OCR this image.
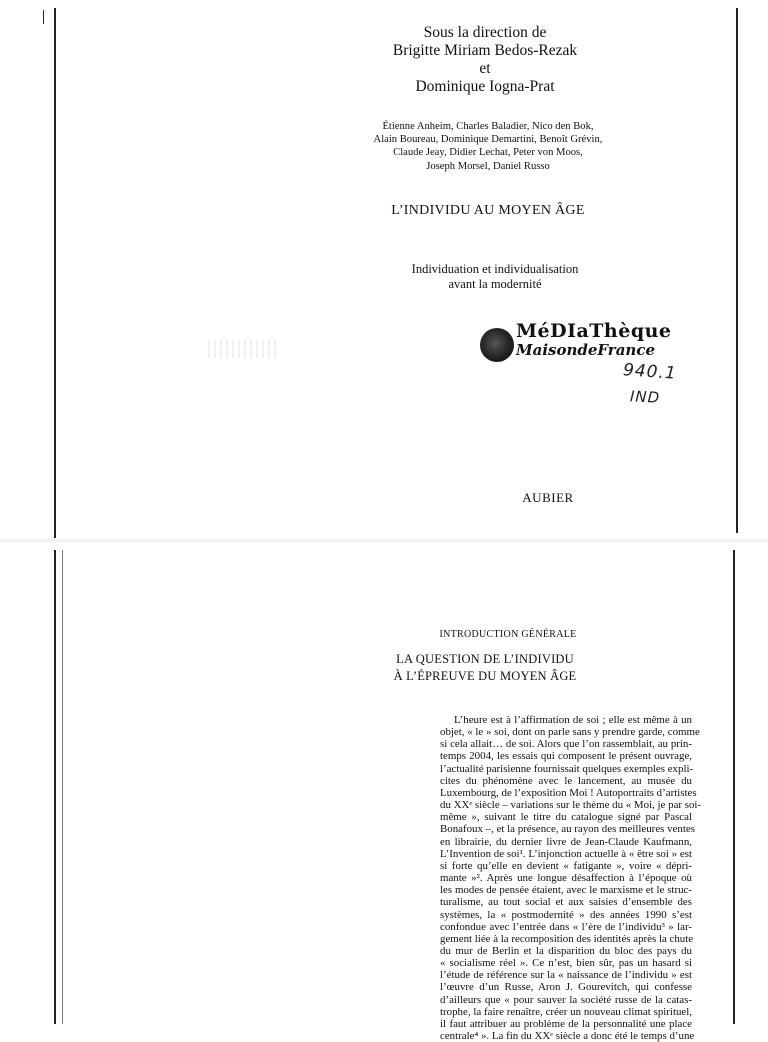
Sous la direction de
Brigitte Miriam Bedos-Rezak
et
Dominique Iogna-Prat
Étienne Anheim, Charles Baladier, Nico den Bok,
Alain Boureau, Dominique Demartini, Benoît Grévin,
Claude Jeay, Didier Lechat, Peter von Moos,
Joseph Morsel, Daniel Russo
L’INDIVIDU AU MOYEN ÂGE
Individuation et individualisation
avant la modernité
MéDIaThèque
MaisondeFrance
940.1
IND
AUBIER
INTRODUCTION GÉNÉRALE
LA QUESTION DE L’INDIVIDU
À L’ÉPREUVE DU MOYEN ÂGE
L’heure est à l’affirmation de soi ; elle est même à un
objet, « le » soi, dont on parle sans y prendre garde, comme
si cela allait… de soi. Alors que l’on rassemblait, au prin-
temps 2004, les essais qui composent le présent ouvrage,
l’actualité parisienne fournissait quelques exemples expli-
cites du phénomène avec le lancement, au musée du
Luxembourg, de l’exposition Moi ! Autoportraits d’artistes
du XXᵉ siècle – variations sur le thème du « Moi, je par soi-
même », suivant le titre du catalogue signé par Pascal
Bonafoux –, et la présence, au rayon des meilleures ventes
en librairie, du dernier livre de Jean-Claude Kaufmann,
L’Invention de soi¹. L’injonction actuelle à « être soi » est
si forte qu’elle en devient « fatigante », voire « dépri-
mante »². Après une longue désaffection à l’époque où
les modes de pensée étaient, avec le marxisme et le struc-
turalisme, au tout social et aux saisies d’ensemble des
systèmes, la « postmodernité » des années 1990 s’est
confondue avec l’entrée dans « l’ère de l’individu³ » lar-
gement liée à la recomposition des identités après la chute
du mur de Berlin et la disparition du bloc des pays du
« socialisme réel ». Ce n’est, bien sûr, pas un hasard si
l’étude de référence sur la « naissance de l’individu » est
l’œuvre d’un Russe, Aron J. Gourevitch, qui confesse
d’ailleurs que « pour sauver la société russe de la catas-
trophe, la faire renaître, créer un nouveau climat spirituel,
il faut attribuer au problème de la personnalité une place
centrale⁴ ». La fin du XXᵉ siècle a donc été le temps d’une
